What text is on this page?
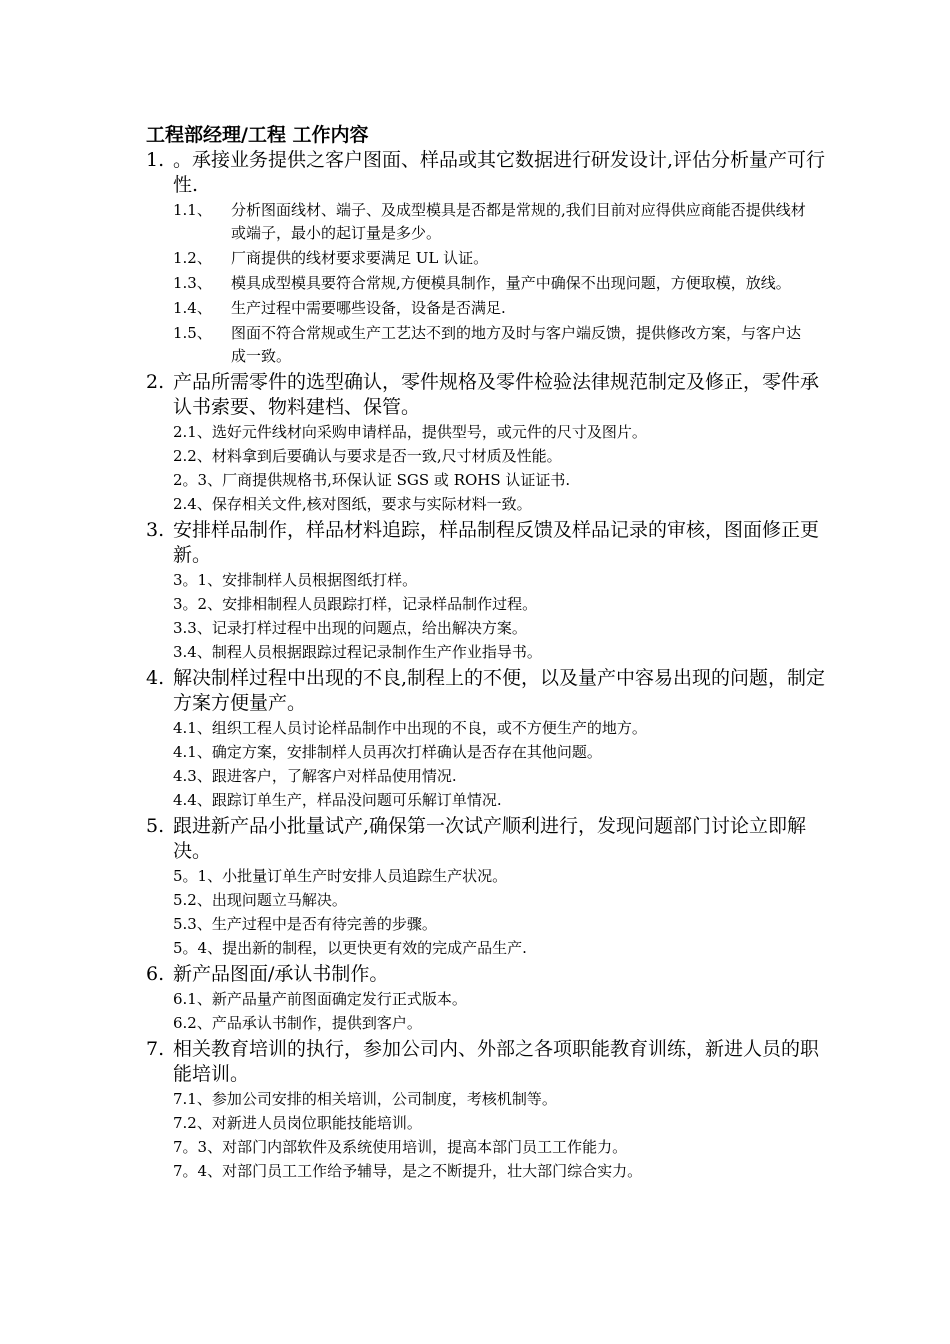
工程部经理/工程 工作内容
1. 。承接业务提供之客户图面、样品或其它数据进行研发设计,评估分析量产可行性.
1.1、	分析图面线材、端子、及成型模具是否都是常规的,我们目前对应得供应商能否提供线材或端子，最小的起订量是多少。
1.2、	厂商提供的线材要求要满足 UL 认证。
1.3、	模具成型模具要符合常规,方便模具制作，量产中确保不出现问题，方便取模，放线。
1.4、	生产过程中需要哪些设备，设备是否满足.
1.5、	图面不符合常规或生产工艺达不到的地方及时与客户端反馈，提供修改方案，与客户达成一致。
2. 产品所需零件的选型确认，零件规格及零件检验法律规范制定及修正，零件承认书索要、物料建档、保管。
2.1、 选好元件线材向采购申请样品，提供型号，或元件的尺寸及图片。
2.2、 材料拿到后要确认与要求是否一致,尺寸材质及性能。
2。3、 厂商提供规格书,环保认证 SGS 或 ROHS 认证证书.
2.4、 保存相关文件,核对图纸，要求与实际材料一致。
3. 安排样品制作，样品材料追踪，样品制程反馈及样品记录的审核，图面修正更新。
3。1、 安排制样人员根据图纸打样。
3。2、 安排相制程人员跟踪打样，记录样品制作过程。
3.3、 记录打样过程中出现的问题点，给出解决方案。
3.4、 制程人员根据跟踪过程记录制作生产作业指导书。
4. 解决制样过程中出现的不良,制程上的不便，以及量产中容易出现的问题，制定方案方便量产。
4.1、 组织工程人员讨论样品制作中出现的不良，或不方便生产的地方。
4.1、 确定方案，安排制样人员再次打样确认是否存在其他问题。
4.3、 跟进客户，了解客户对样品使用情况.
4.4、 跟踪订单生产，样品没问题可乐解订单情况.
5. 跟进新产品小批量试产,确保第一次试产顺利进行，发现问题部门讨论立即解决。
5。1、 小批量订单生产时安排人员追踪生产状况。
5.2、 出现问题立马解决。
5.3、 生产过程中是否有待完善的步骤。
5。4、 提出新的制程，以更快更有效的完成产品生产.
6. 新产品图面/承认书制作。
6.1、 新产品量产前图面确定发行正式版本。
6.2、 产品承认书制作，提供到客户。
7. 相关教育培训的执行，参加公司内、外部之各项职能教育训练，新进人员的职能培训。
7.1、 参加公司安排的相关培训，公司制度，考核机制等。
7.2、 对新进人员岗位职能技能培训。
7。3、 对部门内部软件及系统使用培训，提高本部门员工工作能力。
7。4、 对部门员工工作给予辅导，是之不断提升，壮大部门综合实力。
